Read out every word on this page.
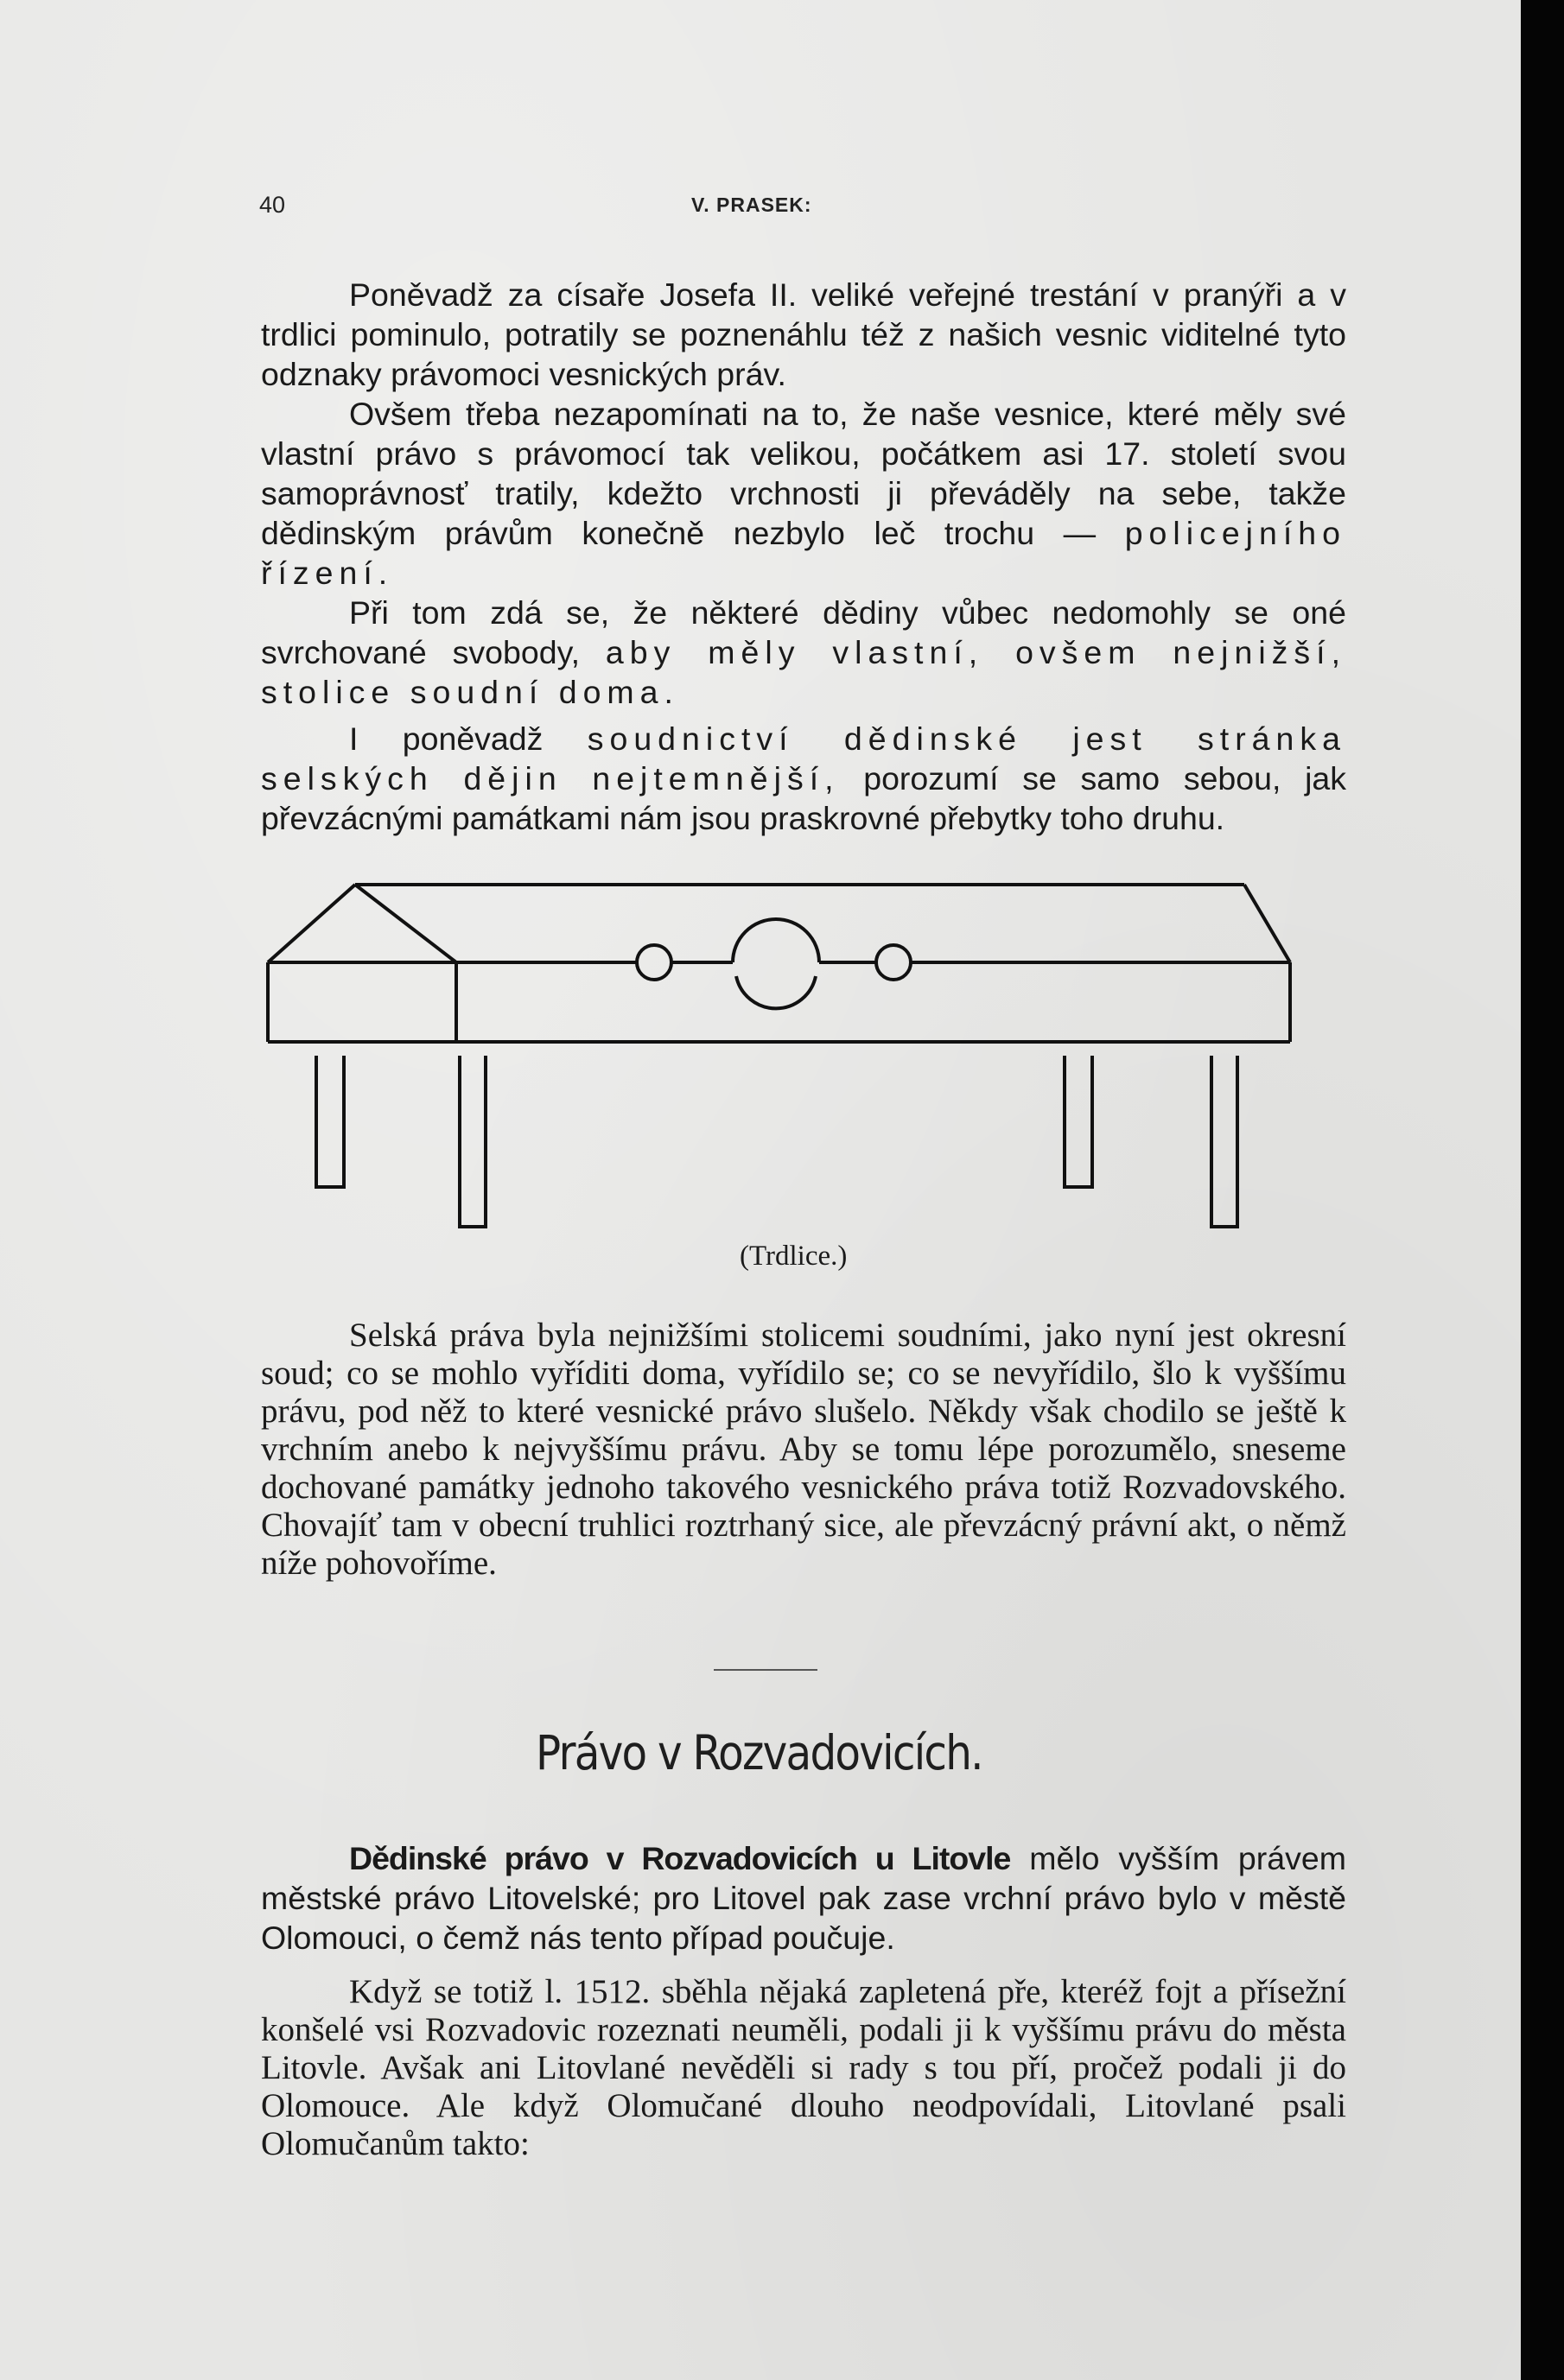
40	V. PRASEK:

Poněvadž za císaře Josefa II. veliké veřejné trestání v pranýři a v trdlici pominulo, potratily se poznenáhlu též z našich vesnic viditelné tyto odznaky právomoci vesnických práv.

Ovšem třeba nezapomínati na to, že naše vesnice, které měly své vlastní právo s právomocí tak velikou, počátkem asi 17. století svou samoprávnosť tratily, kdežto vrchnosti ji převáděly na sebe, takže dědinským právům konečně nezbylo leč trochu — policejního řízení.

Při tom zdá se, že některé dědiny vůbec nedomohly se oné svrchované svobody, aby měly vlastní, ovšem nejnižší, stolice soudní doma.

I poněvadž soudnictví dědinské jest stránka selských dějin nejtemnější, porozumí se samo sebou, jak převzácnými památkami nám jsou praskrovné přebytky toho druhu.

(Trdlice.)

Selská práva byla nejnižšími stolicemi soudními, jako nyní jest okresní soud; co se mohlo vyříditi doma, vyřídilo se; co se nevyřídilo, šlo k vyššímu právu, pod něž to které vesnické právo slušelo. Někdy však chodilo se ještě k vrchním anebo k nejvyššímu právu. Aby se tomu lépe porozumělo, sneseme dochované památky jednoho takového vesnického práva totiž Rozvadovského. Chovajíť tam v obecní truhlici roztrhaný sice, ale převzácný právní akt, o němž níže pohovoříme.

Právo v Rozvadovicích.

Dědinské právo v Rozvadovicích u Litovle mělo vyšším právem městské právo Litovelské; pro Litovel pak zase vrchní právo bylo v městě Olomouci, o čemž nás tento případ poučuje.

Když se totiž l. 1512. sběhla nějaká zapletená pře, kteréž fojt a přísežní konšelé vsi Rozvadovic rozeznati neuměli, podali ji k vyššímu právu do města Litovle. Avšak ani Litovlané nevěděli si rady s tou pří, pročež podali ji do Olomouce. Ale když Olomučané dlouho neodpovídali, Litovlané psali Olomučanům takto:
